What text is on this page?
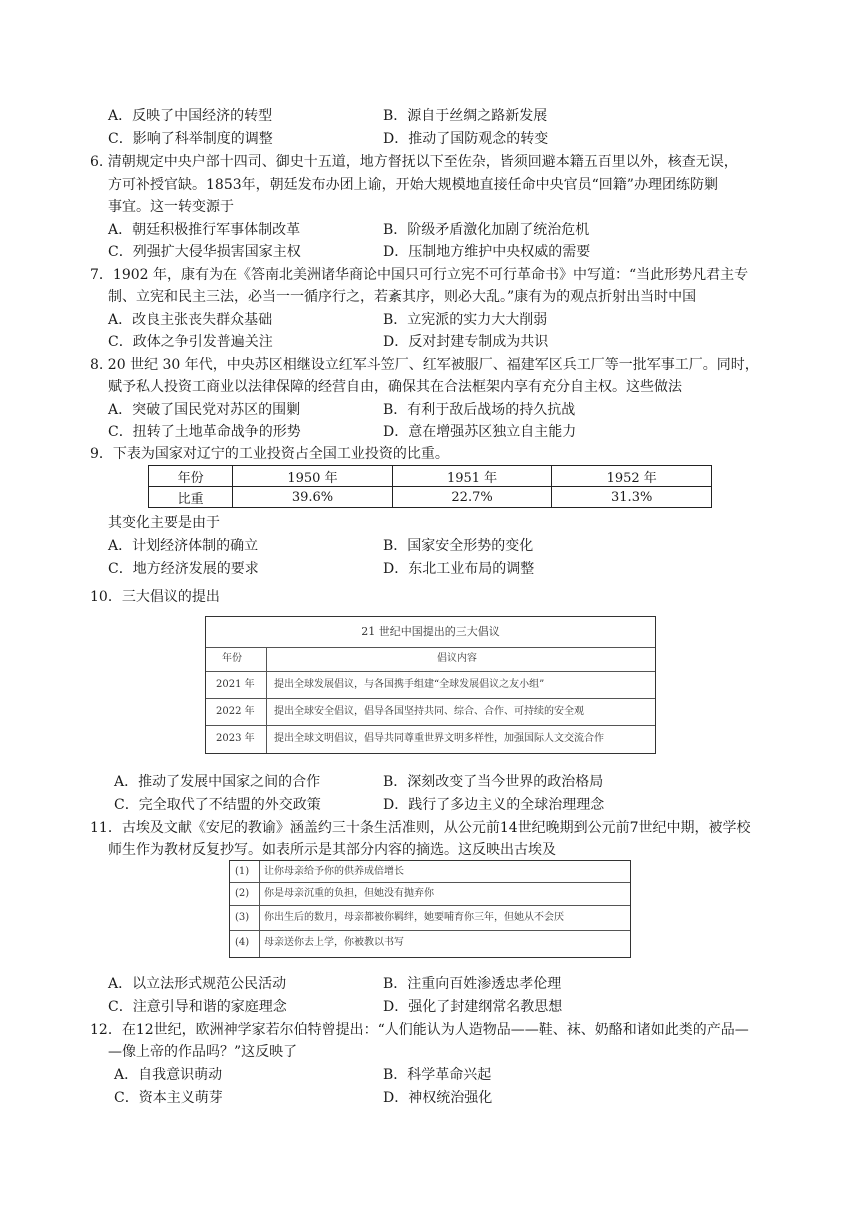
A．反映了中国经济的转型	B．源自于丝绸之路新发展
C．影响了科举制度的调整	D．推动了国防观念的转变
6. 清朝规定中央户部十四司、御史十五道，地方督抚以下至佐杂，皆须回避本籍五百里以外，核查无误，
方可补授官缺。1853年，朝廷发布办团上谕，开始大规模地直接任命中央官员“回籍”办理团练防剿
事宜。这一转变源于
A．朝廷积极推行军事体制改革	B．阶级矛盾激化加剧了统治危机
C．列强扩大侵华损害国家主权	D．压制地方维护中央权威的需要
7．1902 年，康有为在《答南北美洲诸华商论中国只可行立宪不可行革命书》中写道：“当此形势凡君主专
制、立宪和民主三法，必当一一循序行之，若紊其序，则必大乱。”康有为的观点折射出当时中国
A．改良主张丧失群众基础	B．立宪派的实力大大削弱
C．政体之争引发普遍关注	D．反对封建专制成为共识
8. 20 世纪 30 年代，中央苏区相继设立红军斗笠厂、红军被服厂、福建军区兵工厂等一批军事工厂。同时，
赋予私人投资工商业以法律保障的经营自由，确保其在合法框架内享有充分自主权。这些做法
A．突破了国民党对苏区的围剿	B．有利于敌后战场的持久抗战
C．扭转了土地革命战争的形势	D．意在增强苏区独立自主能力
9．下表为国家对辽宁的工业投资占全国工业投资的比重。
年份	1950 年	1951 年	1952 年
比重	39.6%	22.7%	31.3%
其变化主要是由于
A．计划经济体制的确立	B．国家安全形势的变化
C．地方经济发展的要求	D．东北工业布局的调整
10．三大倡议的提出
21 世纪中国提出的三大倡议
年份	倡议内容
2021 年 提出全球发展倡议，与各国携手组建“全球发展倡议之友小组”
2022 年 提出全球安全倡议，倡导各国坚持共同、综合、合作、可持续的安全观
2023 年 提出全球文明倡议，倡导共同尊重世界文明多样性，加强国际人文交流合作
A．推动了发展中国家之间的合作	B．深刻改变了当今世界的政治格局
C．完全取代了不结盟的外交政策	D．践行了多边主义的全球治理理念
11．古埃及文献《安尼的教谕》涵盖约三十条生活准则，从公元前14世纪晚期到公元前7世纪中期，被学校
师生作为教材反复抄写。如表所示是其部分内容的摘选。这反映出古埃及
(1) 让你母亲给予你的供养成倍增长
(2) 你是母亲沉重的负担，但她没有抛弃你
(3) 你出生后的数月，母亲都被你羁绊，她要哺育你三年，但她从不会厌
(4) 母亲送你去上学，你被教以书写
A．以立法形式规范公民活动	B．注重向百姓渗透忠孝伦理
C．注意引导和谐的家庭理念	D．强化了封建纲常名教思想
12．在12世纪，欧洲神学家若尔伯特曾提出：“人们能认为人造物品——鞋、袜、奶酪和诸如此类的产品—
—像上帝的作品吗？”这反映了
A．自我意识萌动	B．科学革命兴起
C．资本主义萌芽	D．神权统治强化
